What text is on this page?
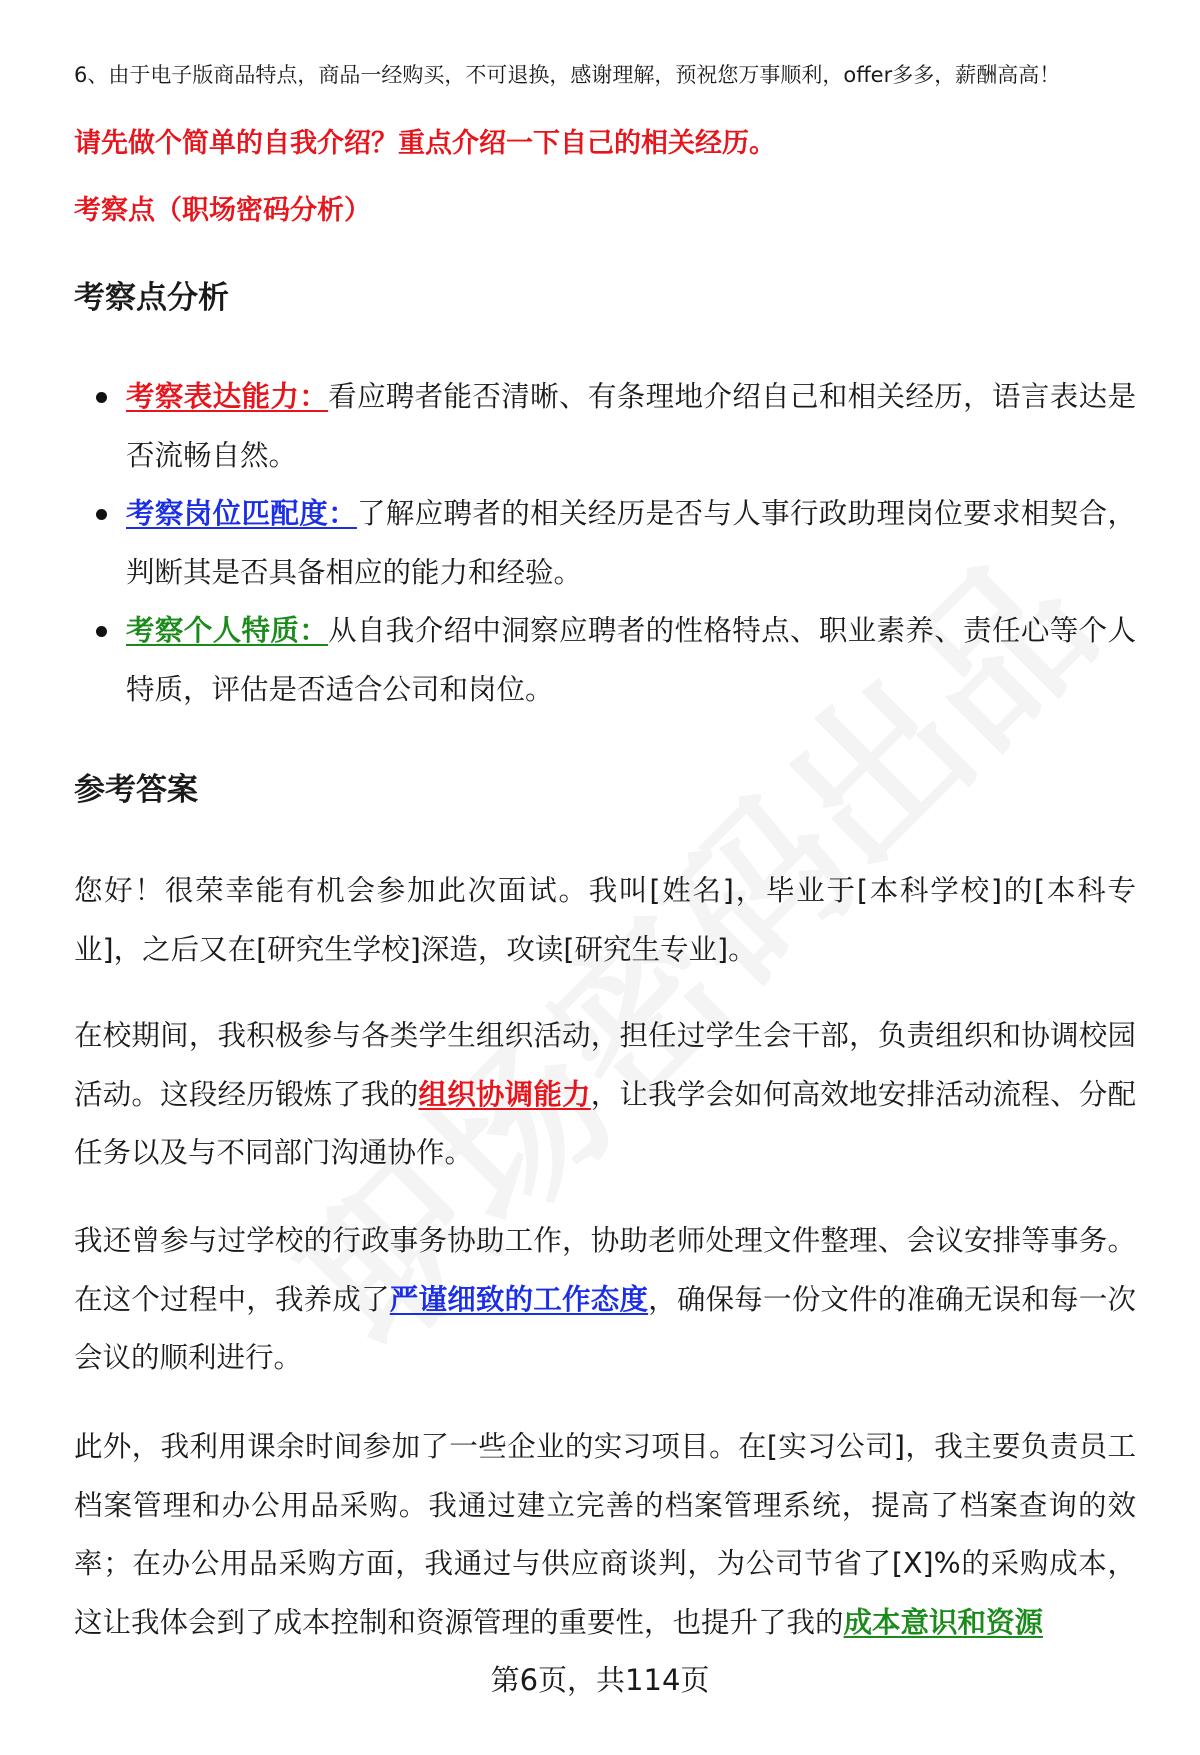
6、由于电子版商品特点，商品一经购买，不可退换，感谢理解，预祝您万事顺利，offer多多，薪酬高高！
请先做个简单的自我介绍？重点介绍一下自己的相关经历。
考察点（职场密码分析）
考察点分析
考察表达能力：看应聘者能否清晰、有条理地介绍自己和相关经历，语言表达是否流畅自然。
考察岗位匹配度：了解应聘者的相关经历是否与人事行政助理岗位要求相契合，判断其是否具备相应的能力和经验。
考察个人特质：从自我介绍中洞察应聘者的性格特点、职业素养、责任心等个人特质，评估是否适合公司和岗位。
参考答案

您好！很荣幸能有机会参加此次面试。我叫[姓名]，毕业于[本科学校]的[本科专业]，之后又在[研究生学校]深造，攻读[研究生专业]。

在校期间，我积极参与各类学生组织活动，担任过学生会干部，负责组织和协调校园活动。这段经历锻炼了我的组织协调能力，让我学会如何高效地安排活动流程、分配任务以及与不同部门沟通协作。

我还曾参与过学校的行政事务协助工作，协助老师处理文件整理、会议安排等事务。在这个过程中，我养成了严谨细致的工作态度，确保每一份文件的准确无误和每一次会议的顺利进行。

此外，我利用课余时间参加了一些企业的实习项目。在[实习公司]，我主要负责员工档案管理和办公用品采购。我通过建立完善的档案管理系统，提高了档案查询的效率；在办公用品采购方面，我通过与供应商谈判，为公司节省了[X]%的采购成本，这让我体会到了成本控制和资源管理的重要性，也提升了我的成本意识和资源

第6页，共114页
